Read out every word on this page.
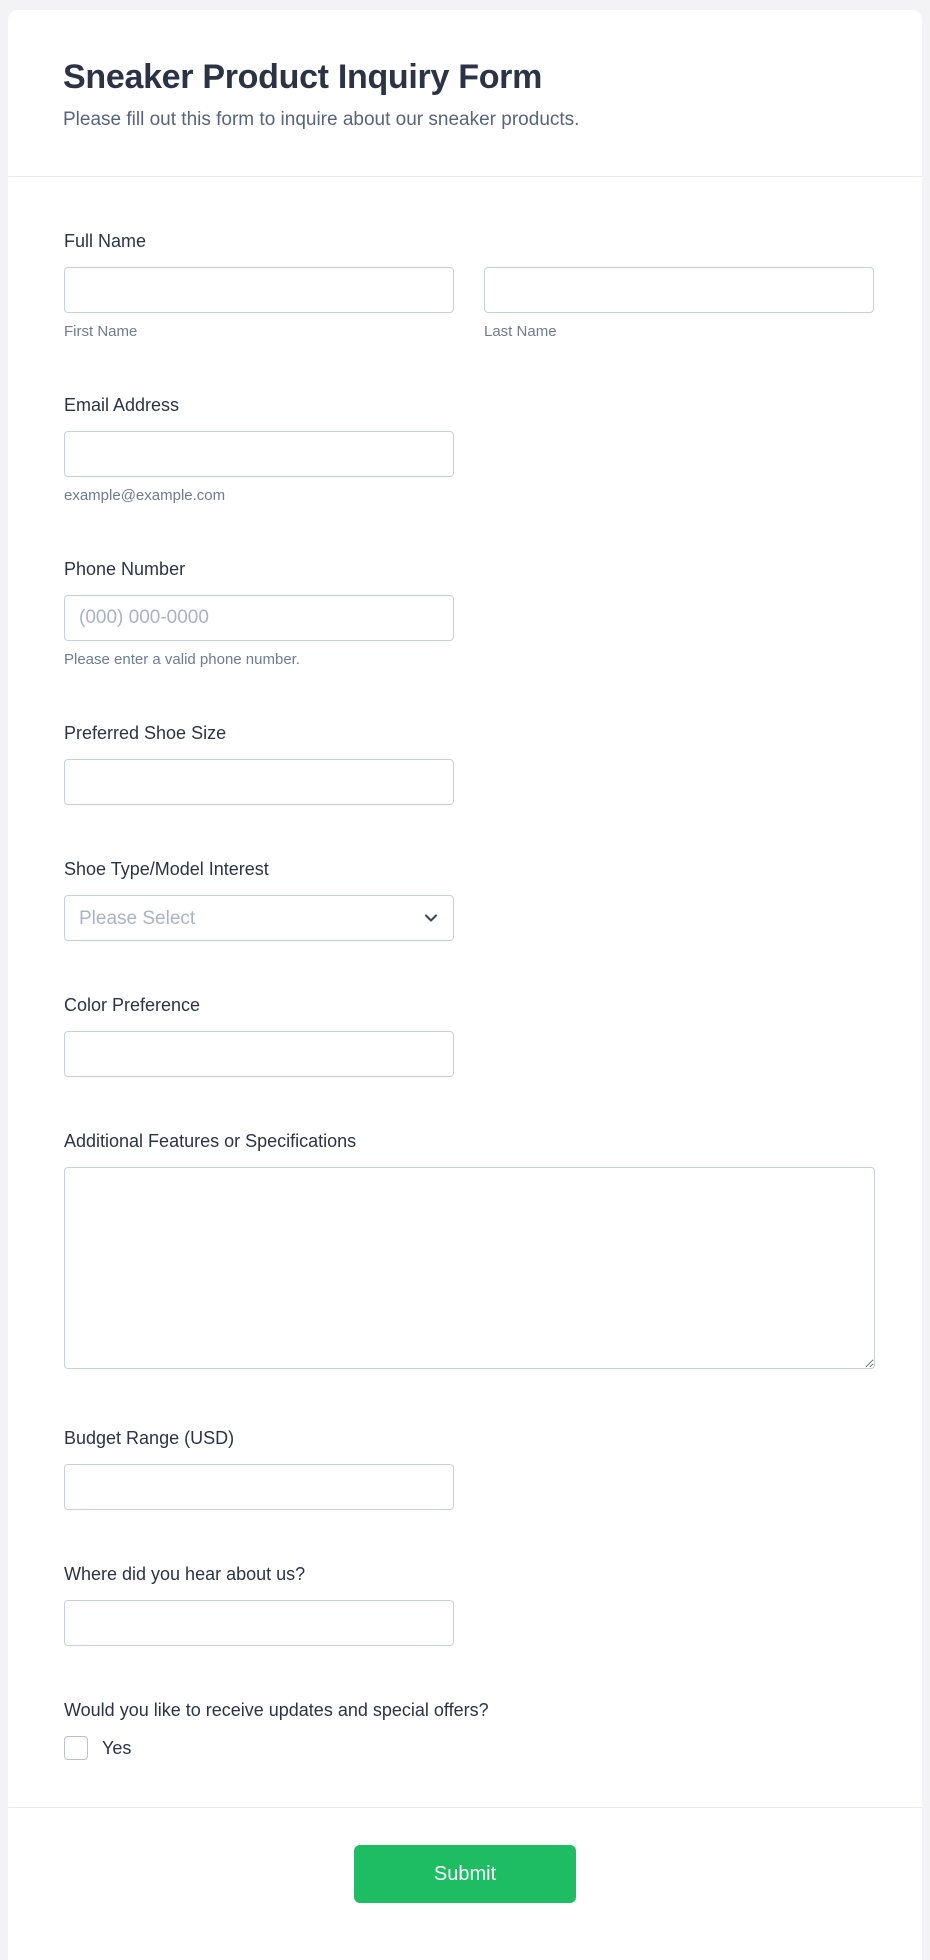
Sneaker Product Inquiry Form
Please fill out this form to inquire about our sneaker products.
Full Name
First Name	Last Name
Email Address
example@example.com
Phone Number
(000) 000-0000
Please enter a valid phone number.
Preferred Shoe Size
Shoe Type/Model Interest
Please Select
Color Preference
Additional Features or Specifications
Budget Range (USD)
Where did you hear about us?
Would you like to receive updates and special offers?
Yes
Submit
